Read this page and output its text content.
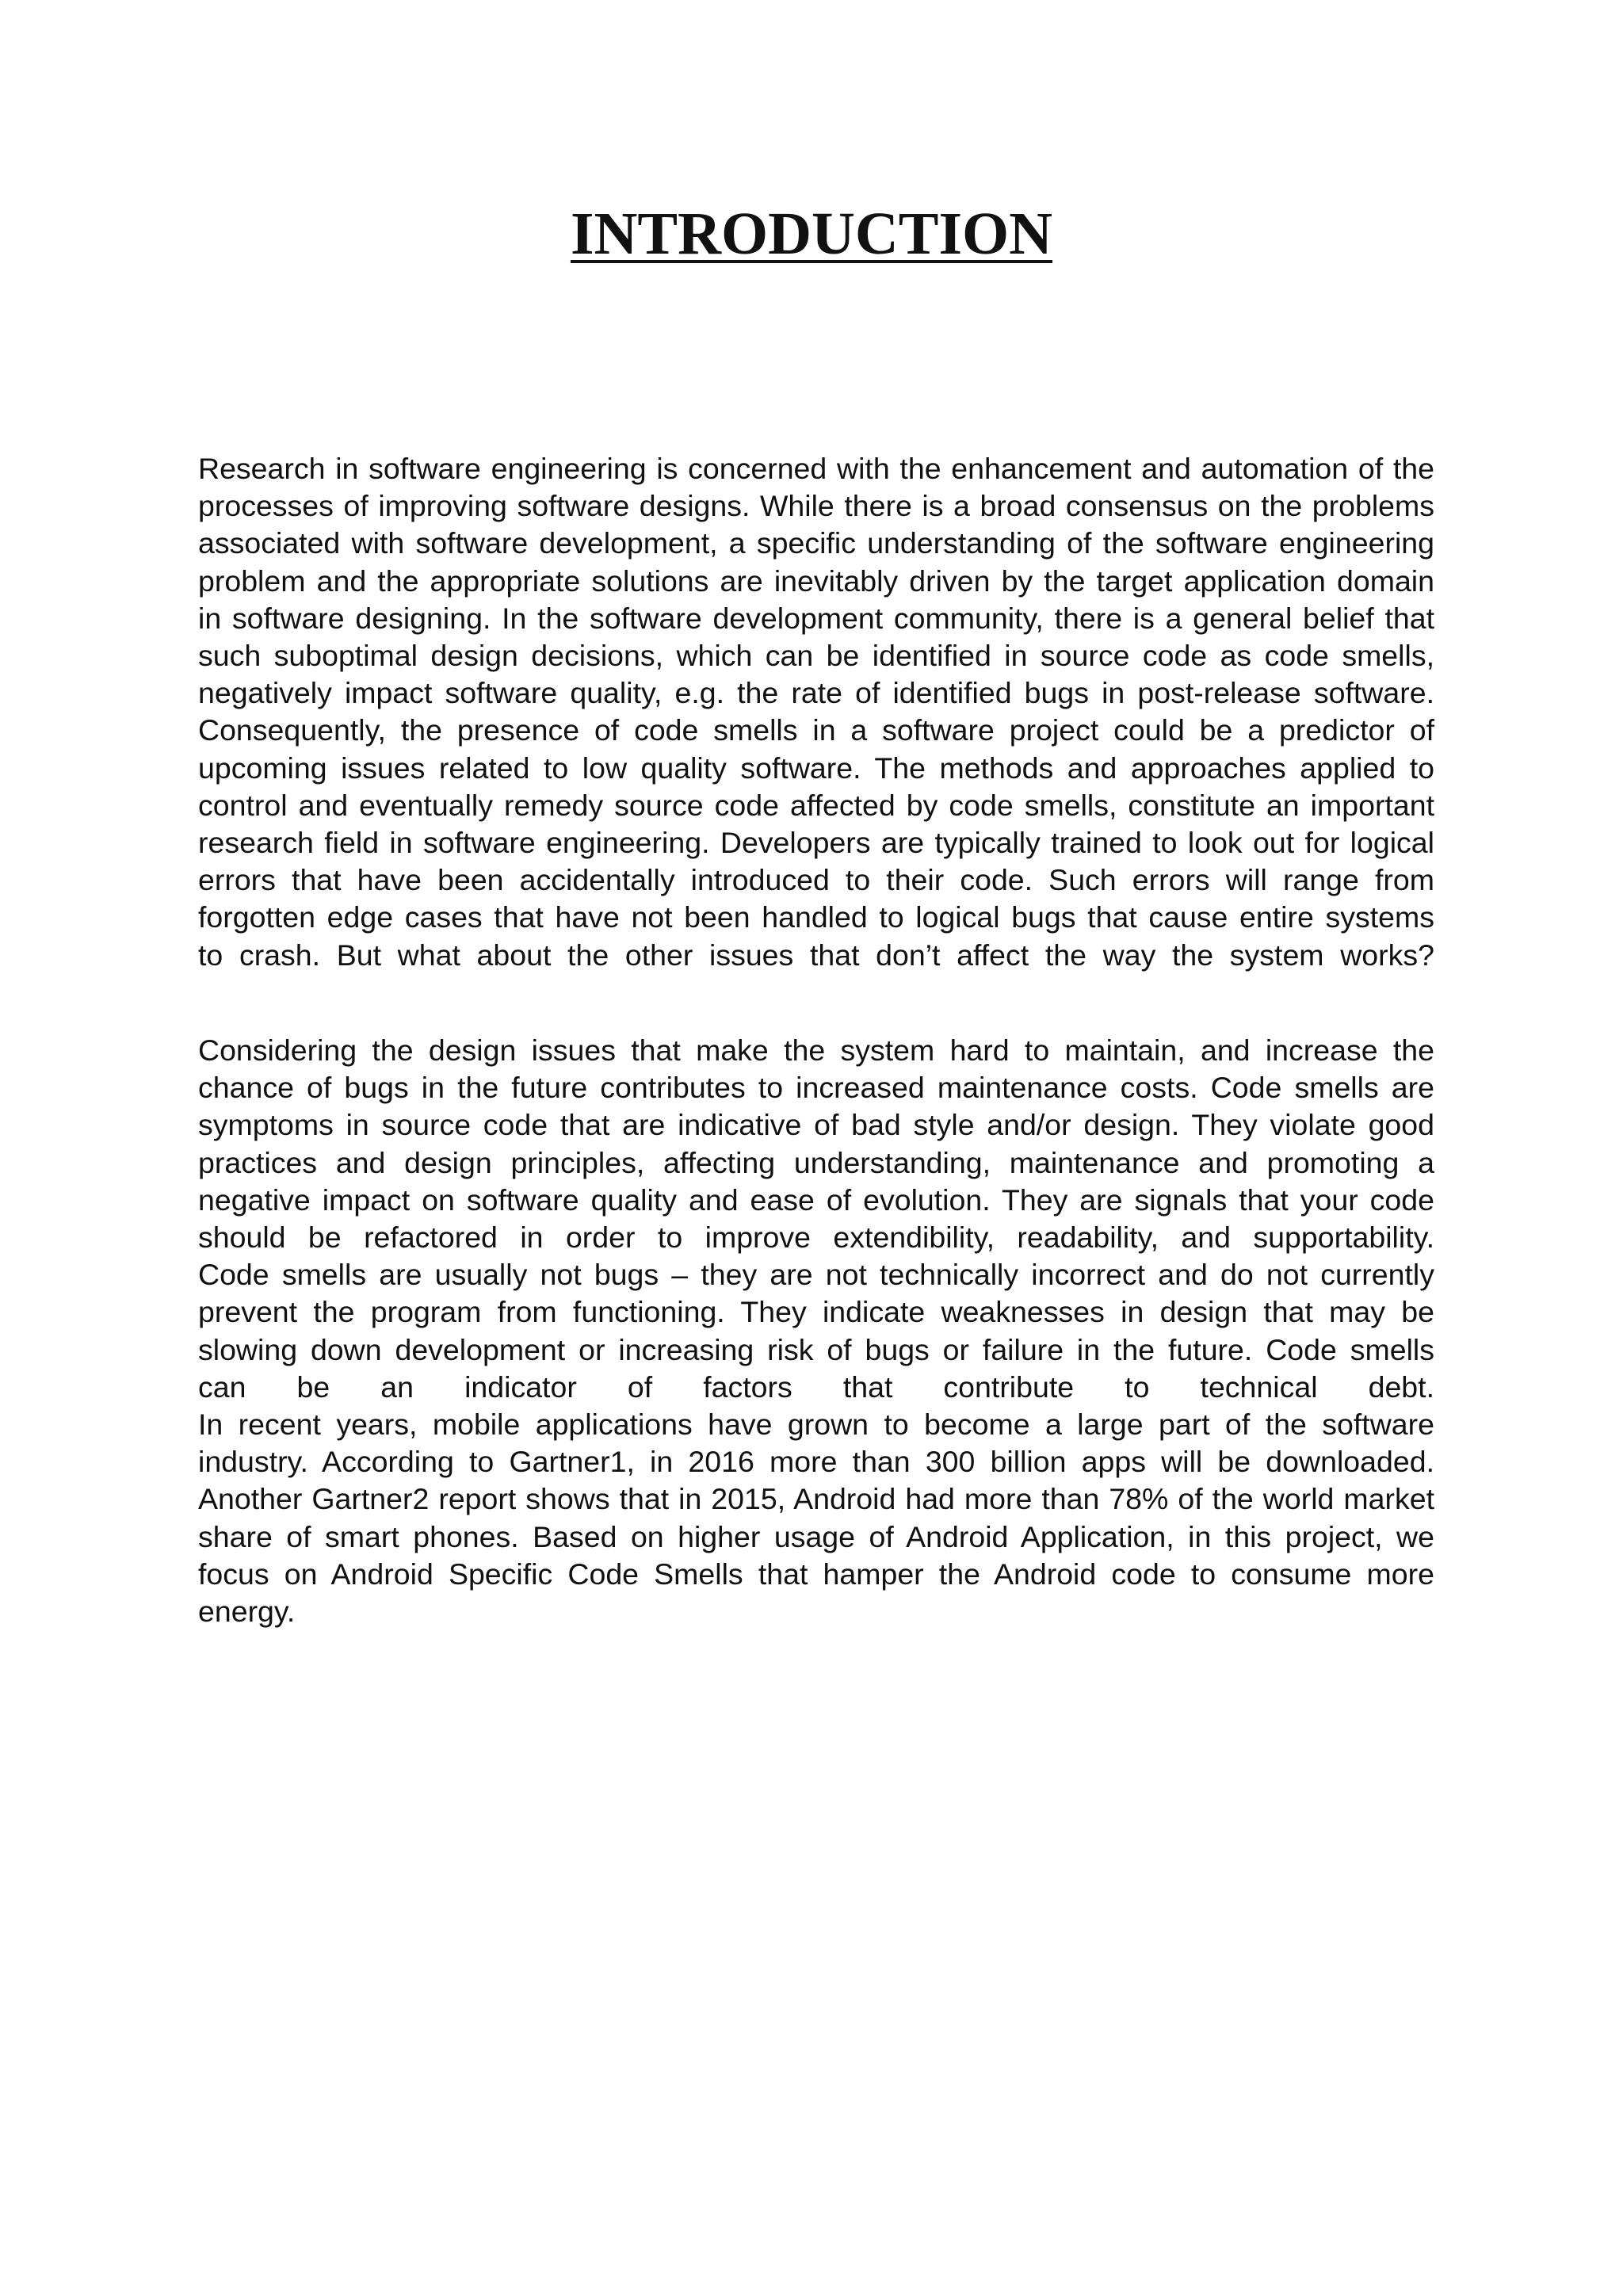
INTRODUCTION
Research in software engineering is concerned with the enhancement and automation of the
processes of improving software designs. While there is a broad consensus on the problems
associated with software development, a specific understanding of the software engineering
problem and the appropriate solutions are inevitably driven by the target application domain
in software designing. In the software development community, there is a general belief that
such suboptimal design decisions, which can be identified in source code as code smells,
negatively impact software quality, e.g. the rate of identified bugs in post-release software.
Consequently, the presence of code smells in a software project could be a predictor of
upcoming issues related to low quality software. The methods and approaches applied to
control and eventually remedy source code affected by code smells, constitute an important
research field in software engineering. Developers are typically trained to look out for logical
errors that have been accidentally introduced to their code. Such errors will range from
forgotten edge cases that have not been handled to logical bugs that cause entire systems
to crash. But what about the other issues that don’t affect the way the system works?
Considering the design issues that make the system hard to maintain, and increase the
chance of bugs in the future contributes to increased maintenance costs. Code smells are
symptoms in source code that are indicative of bad style and/or design. They violate good
practices and design principles, affecting understanding, maintenance and promoting a
negative impact on software quality and ease of evolution. They are signals that your code
should be refactored in order to improve extendibility, readability, and supportability.
Code smells are usually not bugs – they are not technically incorrect and do not currently
prevent the program from functioning. They indicate weaknesses in design that may be
slowing down development or increasing risk of bugs or failure in the future. Code smells
can be an indicator of factors that contribute to technical debt.
In recent years, mobile applications have grown to become a large part of the software
industry. According to Gartner1, in 2016 more than 300 billion apps will be downloaded.
Another Gartner2 report shows that in 2015, Android had more than 78% of the world market
share of smart phones. Based on higher usage of Android Application, in this project, we
focus on Android Specific Code Smells that hamper the Android code to consume more
energy.
